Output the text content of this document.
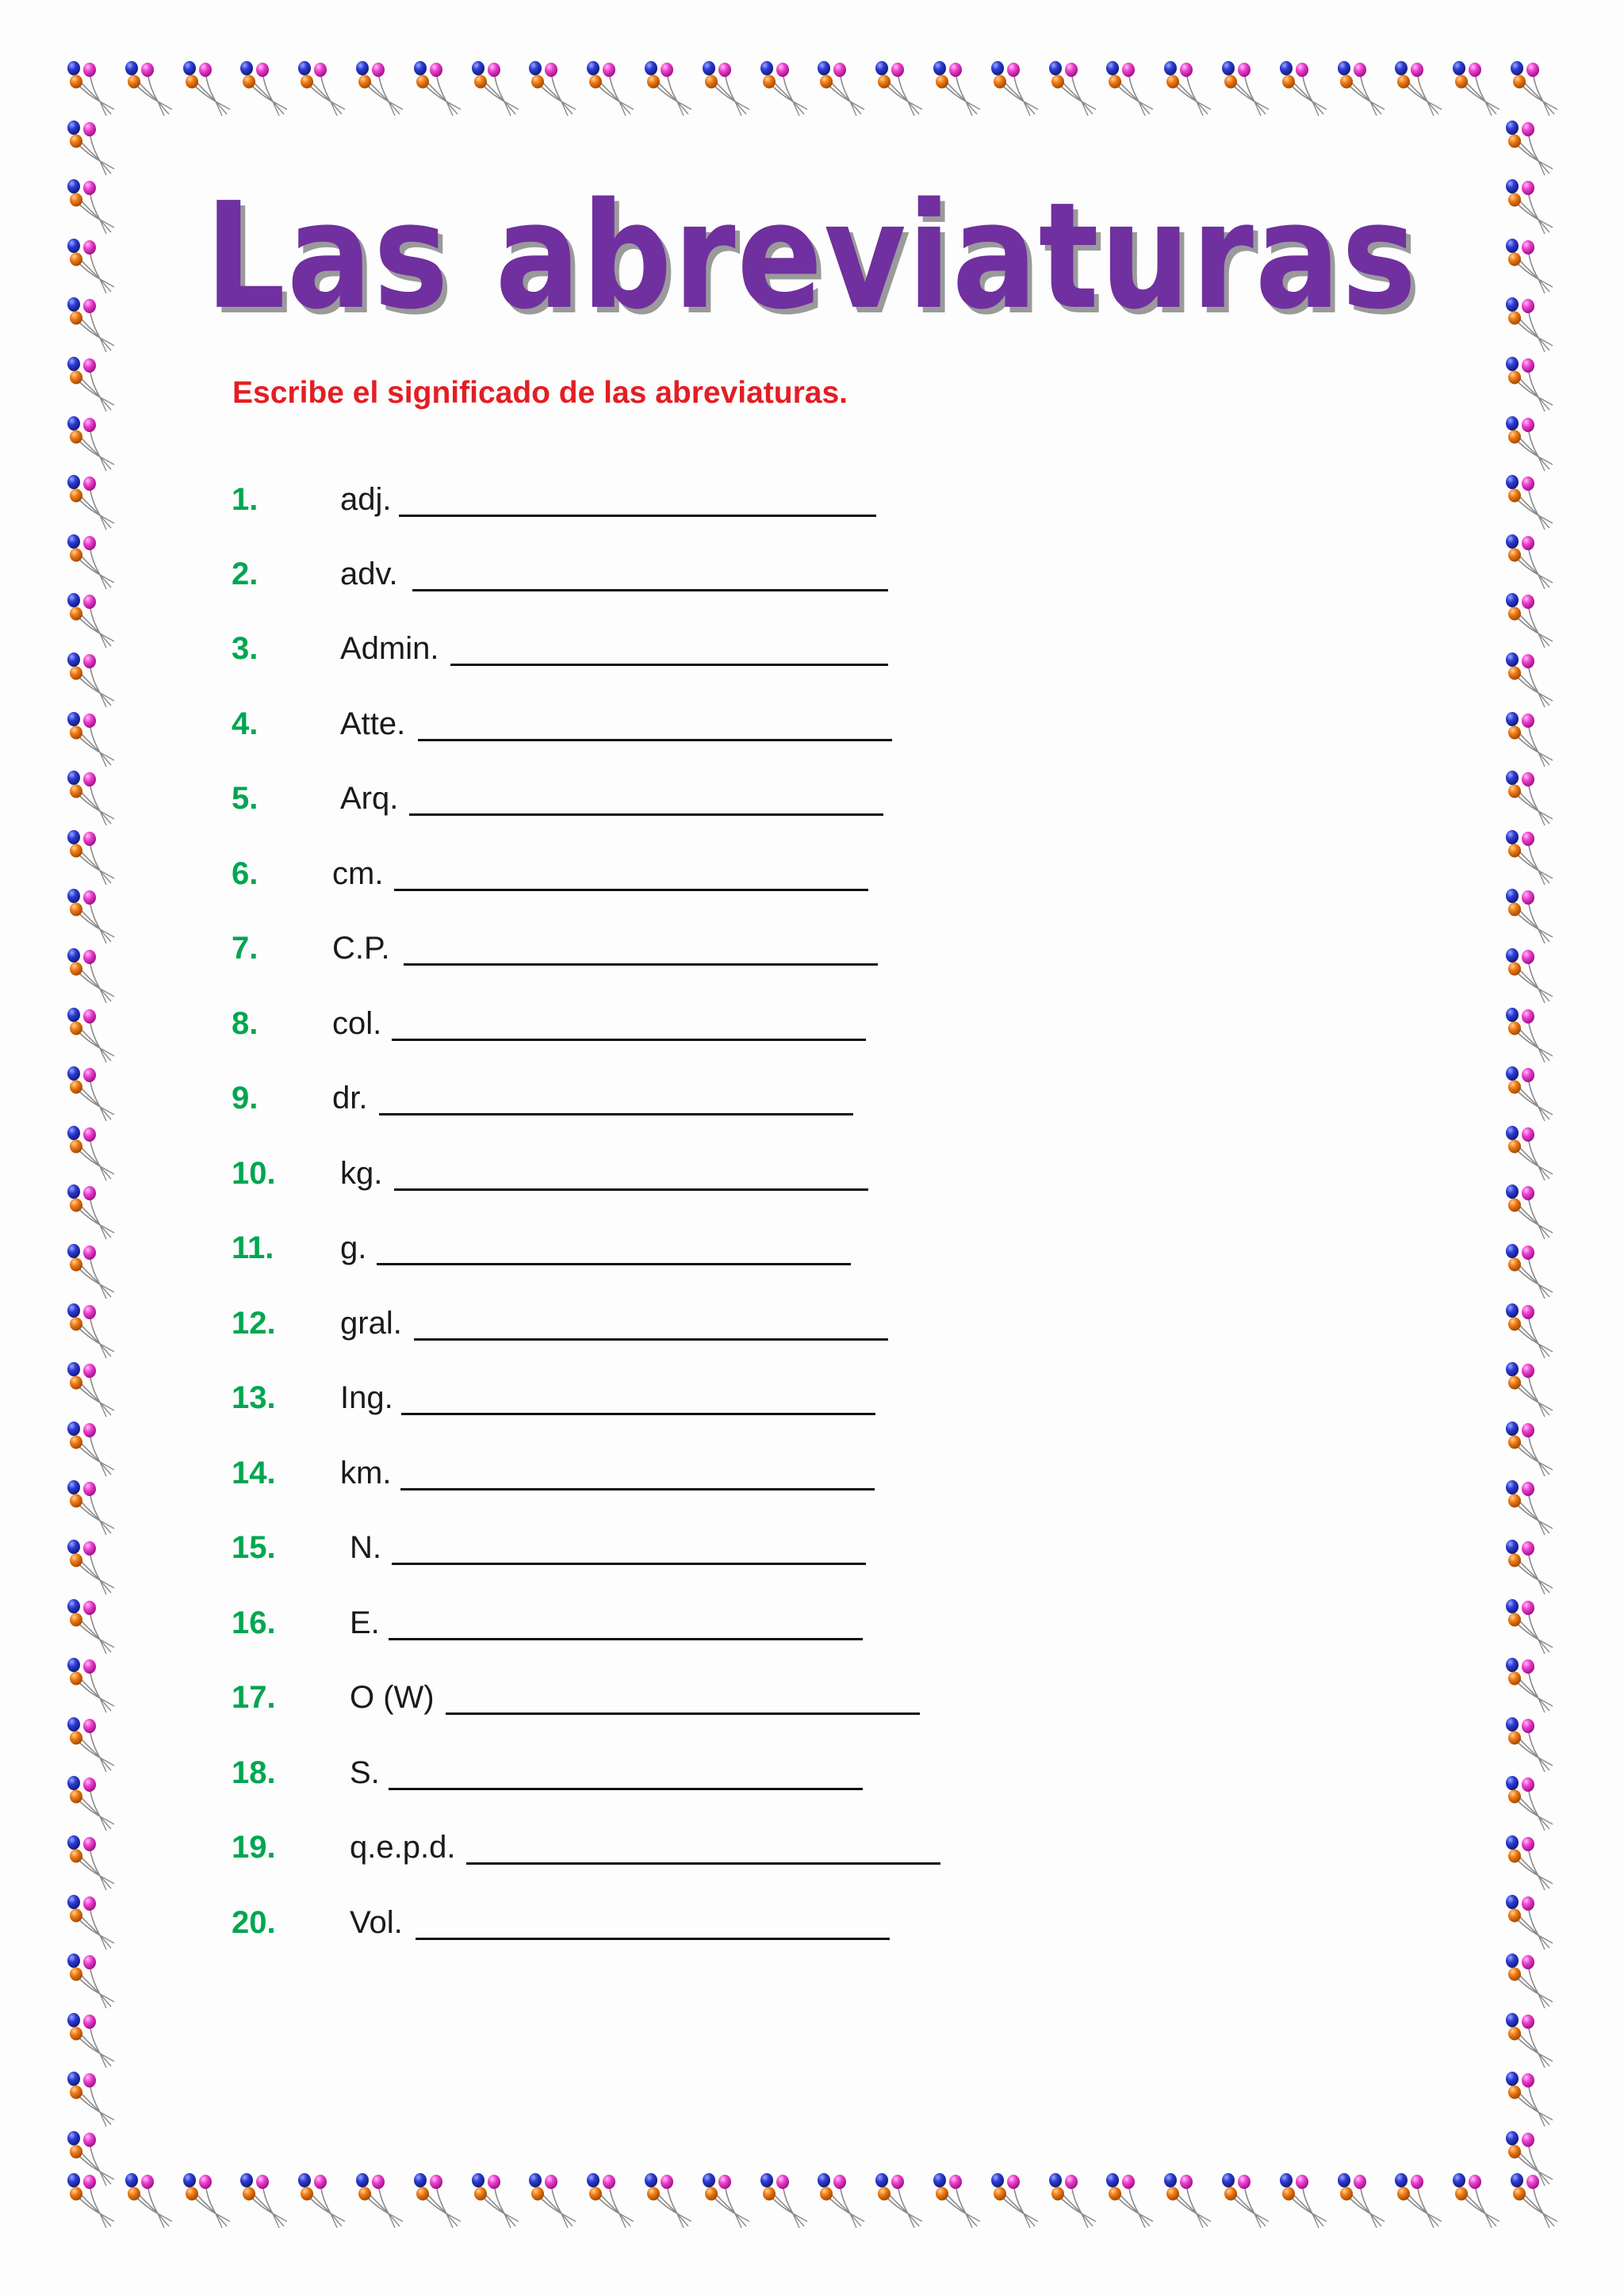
Las abreviaturas
Escribe el significado de las abreviaturas.
1.	adj.
2.	adv.
3.	Admin.
4.	Atte.
5.	Arq.
6. cm.
7. C.P.
8. col.
9. dr.
10. kg.
11. g.
12. gral.
13. Ing.
14. km.
15. N.
16. E.
17. O (W)
18. S.
19. q.e.p.d.
20. Vol.
